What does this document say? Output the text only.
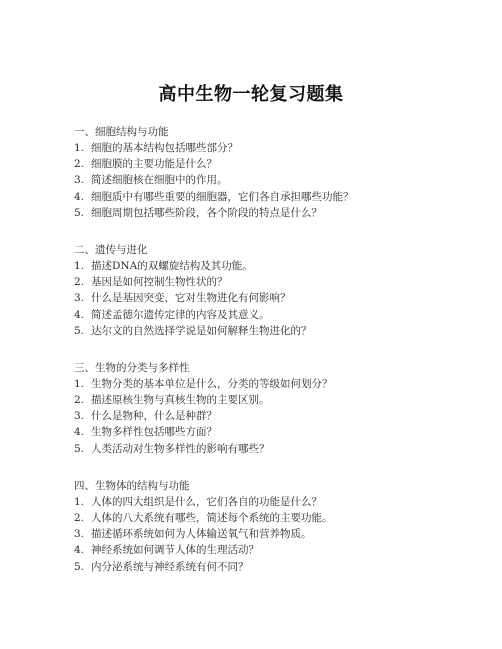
高中生物一轮复习题集
一、细胞结构与功能
1. 细胞的基本结构包括哪些部分？
2. 细胞膜的主要功能是什么？
3. 简述细胞核在细胞中的作用。
4. 细胞质中有哪些重要的细胞器，它们各自承担哪些功能？
5. 细胞周期包括哪些阶段，各个阶段的特点是什么？
二、遗传与进化
1. 描述DNA的双螺旋结构及其功能。
2. 基因是如何控制生物性状的？
3. 什么是基因突变，它对生物进化有何影响？
4. 简述孟德尔遗传定律的内容及其意义。
5. 达尔文的自然选择学说是如何解释生物进化的？
三、生物的分类与多样性
1. 生物分类的基本单位是什么，分类的等级如何划分？
2. 描述原核生物与真核生物的主要区别。
3. 什么是物种，什么是种群？
4. 生物多样性包括哪些方面？
5. 人类活动对生物多样性的影响有哪些？
四、生物体的结构与功能
1. 人体的四大组织是什么，它们各自的功能是什么？
2. 人体的八大系统有哪些，简述每个系统的主要功能。
3. 描述循环系统如何为人体输送氧气和营养物质。
4. 神经系统如何调节人体的生理活动？
5. 内分泌系统与神经系统有何不同？
